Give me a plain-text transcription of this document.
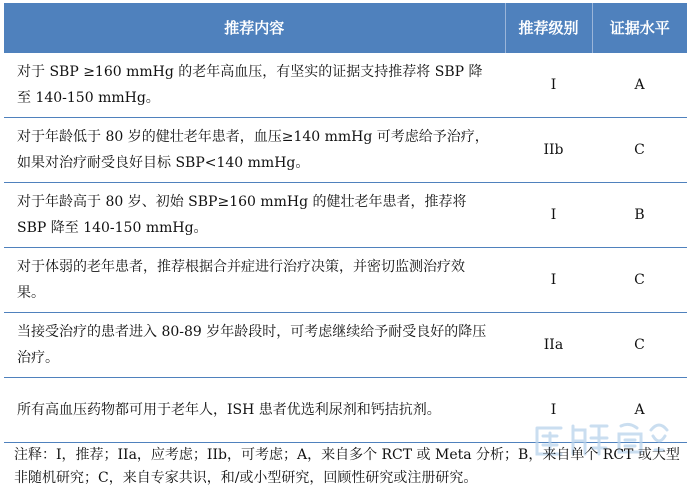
推荐内容	推荐级别	证据水平
对于 SBP ≥160 mmHg 的老年高血压，有坚实的证据支持推荐将 SBP 降至 140-150 mmHg。	I	A
对于年龄低于 80 岁的健壮老年患者，血压≥140 mmHg 可考虑给予治疗，如果对治疗耐受良好目标 SBP<140 mmHg。	IIb	C
对于年龄高于 80 岁、初始 SBP≥160 mmHg 的健壮老年患者，推荐将 SBP 降至 140-150 mmHg。	I	B
对于体弱的老年患者，推荐根据合并症进行治疗决策，并密切监测治疗效果。	I	C
当接受治疗的患者进入 80-89 岁年龄段时，可考虑继续给予耐受良好的降压治疗。	IIa	C
所有高血压药物都可用于老年人，ISH 患者优选利尿剂和钙拮抗剂。	I	A
注释：I，推荐；IIa，应考虑；IIb，可考虑；A，来自多个 RCT 或 Meta 分析；B，来自单个 RCT 或大型非随机研究；C，来自专家共识，和/或小型研究，回顾性研究或注册研究。
